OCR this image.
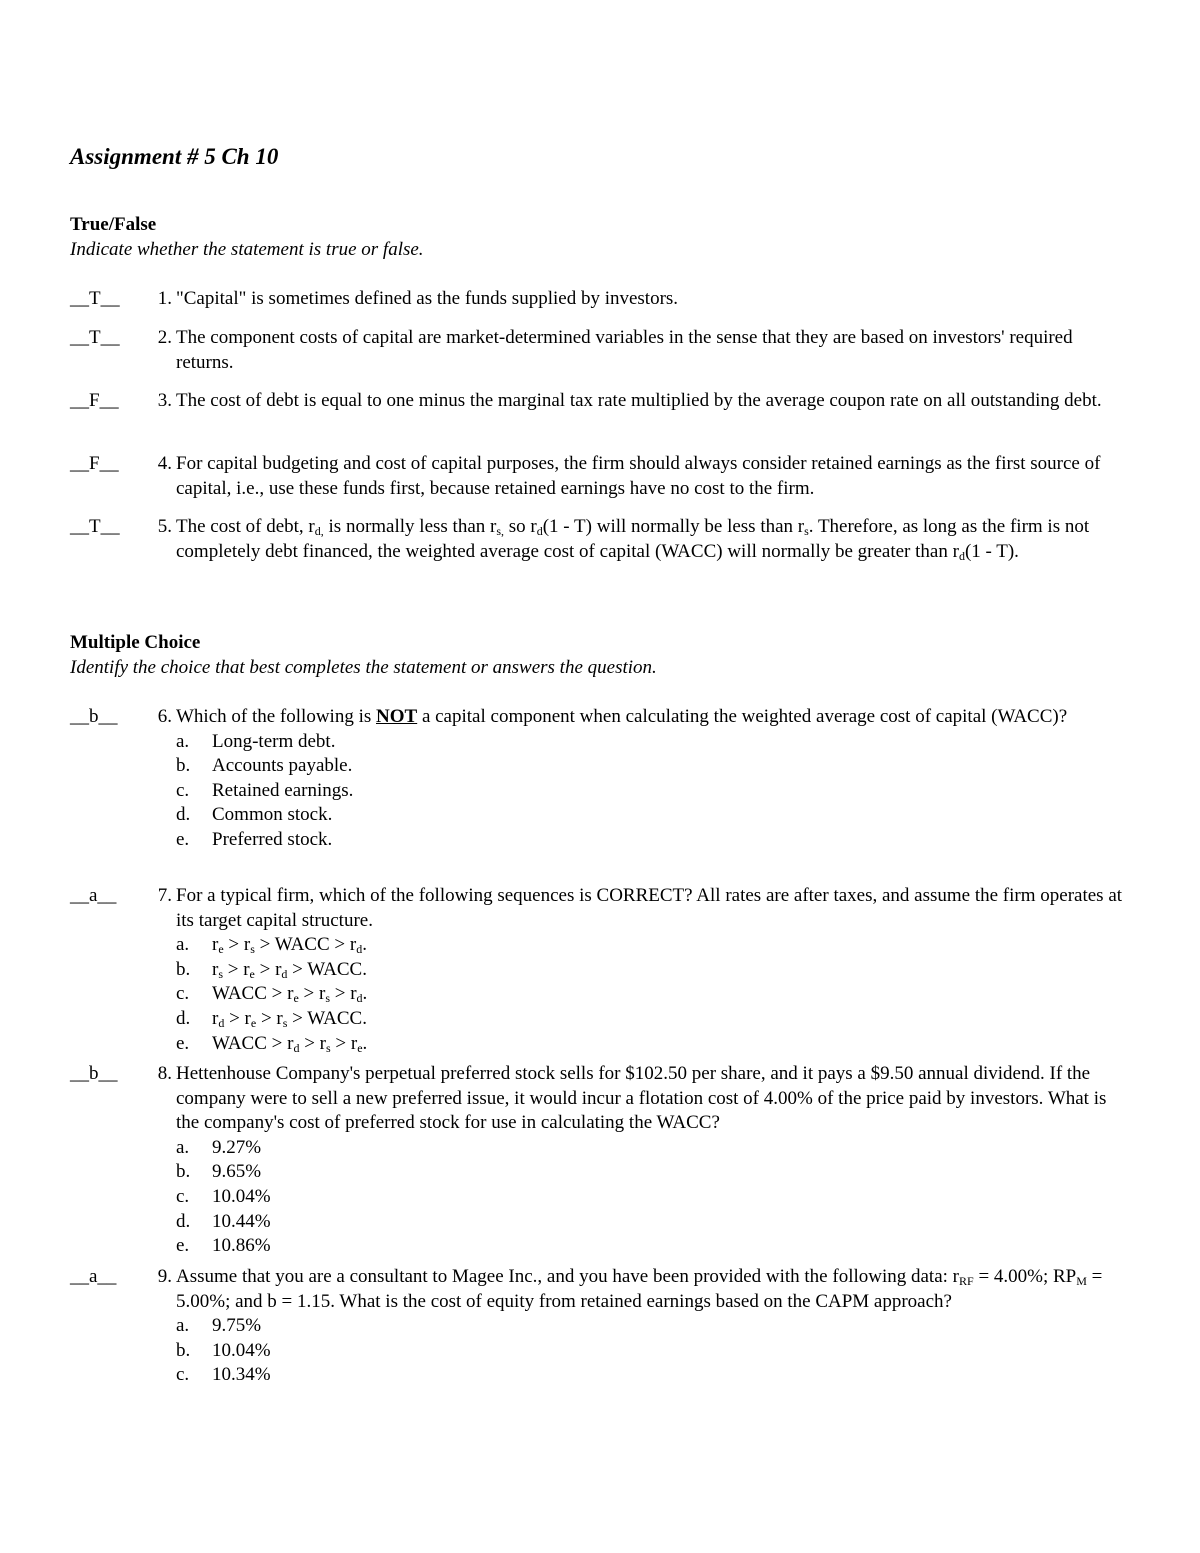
Assignment # 5 Ch 10
True/False
Indicate whether the statement is true or false.
__T__	1. "Capital" is sometimes defined as the funds supplied by investors.
__T__	2. The component costs of capital are market-determined variables in the sense that they are based on investors' required returns.
__F__	3. The cost of debt is equal to one minus the marginal tax rate multiplied by the average coupon rate on all outstanding debt.
__F__	4. For capital budgeting and cost of capital purposes, the firm should always consider retained earnings as the first source of capital, i.e., use these funds first, because retained earnings have no cost to the firm.
__T__	5. The cost of debt, $r_{d,}$ is normally less than $r_{s,}$ so $r_d(1 - T)$ will normally be less than $r_s$. Therefore, as long as the firm is not completely debt financed, the weighted average cost of capital (WACC) will normally be greater than $r_d(1 - T)$.
Multiple Choice
Identify the choice that best completes the statement or answers the question.
__b__	6. Which of the following is NOT a capital component when calculating the weighted average cost of capital (WACC)?
a. Long-term debt.
b. Accounts payable.
c. Retained earnings.
d. Common stock.
e. Preferred stock.
__a__	7. For a typical firm, which of the following sequences is CORRECT? All rates are after taxes, and assume the firm operates at its target capital structure.
a. $r_e > r_s$ > WACC > $r_d$.
b. $r_s > r_e > r_d$ > WACC.
c. WACC > $r_e > r_s > r_d$.
d. $r_d > r_e > r_s$ > WACC.
e. WACC > $r_d > r_s > r_e$.
__b__	8. Hettenhouse Company's perpetual preferred stock sells for $102.50 per share, and it pays a $9.50 annual dividend. If the company were to sell a new preferred issue, it would incur a flotation cost of 4.00% of the price paid by investors. What is the company's cost of preferred stock for use in calculating the WACC?
a. 9.27%
b. 9.65%
c. 10.04%
d. 10.44%
e. 10.86%
__a__	9. Assume that you are a consultant to Magee Inc., and you have been provided with the following data: $r_{RF} = 4.00\%$; $RP_M = 5.00\%$; and b = 1.15. What is the cost of equity from retained earnings based on the CAPM approach?
a. 9.75%
b. 10.04%
c. 10.34%
